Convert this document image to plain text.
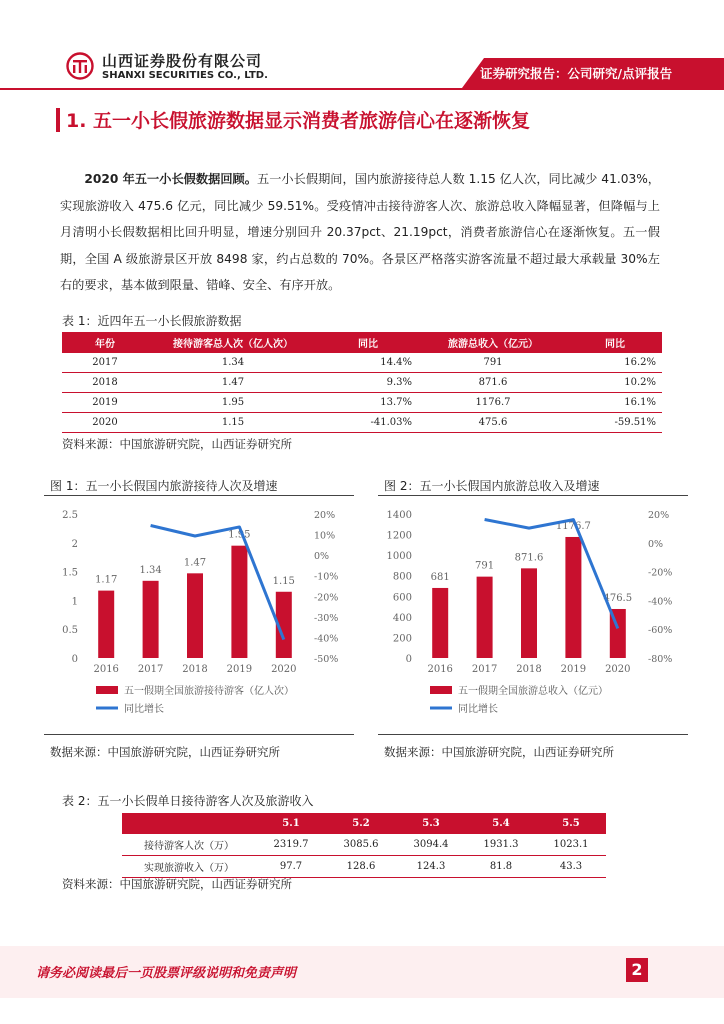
山西证券股份有限公司
SHANXI SECURITIES CO., LTD.	证券研究报告：公司研究/点评报告
1. 五一小长假旅游数据显示消费者旅游信心在逐渐恢复

2020 年五一小长假数据回顾。五一小长假期间，国内旅游接待总人数 1.15 亿人次，同比减少 41.03%，实现旅游收入 475.6 亿元，同比减少 59.51%。受疫情冲击接待游客人次、旅游总收入降幅显著，但降幅与上月清明小长假数据相比回升明显，增速分别回升 20.37pct、21.19pct，消费者旅游信心在逐渐恢复。五一假期，全国 A 级旅游景区开放 8498 家，约占总数的 70%。各景区严格落实游客流量不超过最大承载量 30%左右的要求，基本做到限量、错峰、安全、有序开放。

表 1：近四年五一小长假旅游数据
年份	接待游客总人次（亿人次）	同比	旅游总收入（亿元）	同比
2017	1.34	14.4%	791	16.2%
2018	1.47	9.3%	871.6	10.2%
2019	1.95	13.7%	1176.7	16.1%
2020	1.15	-41.03%	475.6	-59.51%
资料来源：中国旅游研究院，山西证券研究所
图 1：五一小长假国内旅游接待人次及增速
0
0.5
1
1.5
2
2.5
-50%
-40%
-30%
-20%
-10%
0%
10%
20%
1.17
2016
1.34
2017
1.47
2018
1.95
2019
1.15
2020
五一假期全国旅游接待游客（亿人次）
同比增长
数据来源：中国旅游研究院，山西证券研究所
图 2：五一小长假国内旅游总收入及增速
0
200
400
600
800
1000
1200
1400
-80%
-60%
-40%
-20%
0%
20%
681
2016
791
2017
871.6
2018
1176.7
2019
476.5
2020
五一假期全国旅游总收入（亿元）
同比增长
数据来源：中国旅游研究院，山西证券研究所
表 2：五一小长假单日接待游客人次及旅游收入
	5.1	5.2	5.3	5.4	5.5
接待游客人次（万）	2319.7	3085.6	3094.4	1931.3	1023.1
实现旅游收入（万）	97.7	128.6	124.3	81.8	43.3
资料来源：中国旅游研究院，山西证券研究所
请务必阅读最后一页股票评级说明和免责声明	2
